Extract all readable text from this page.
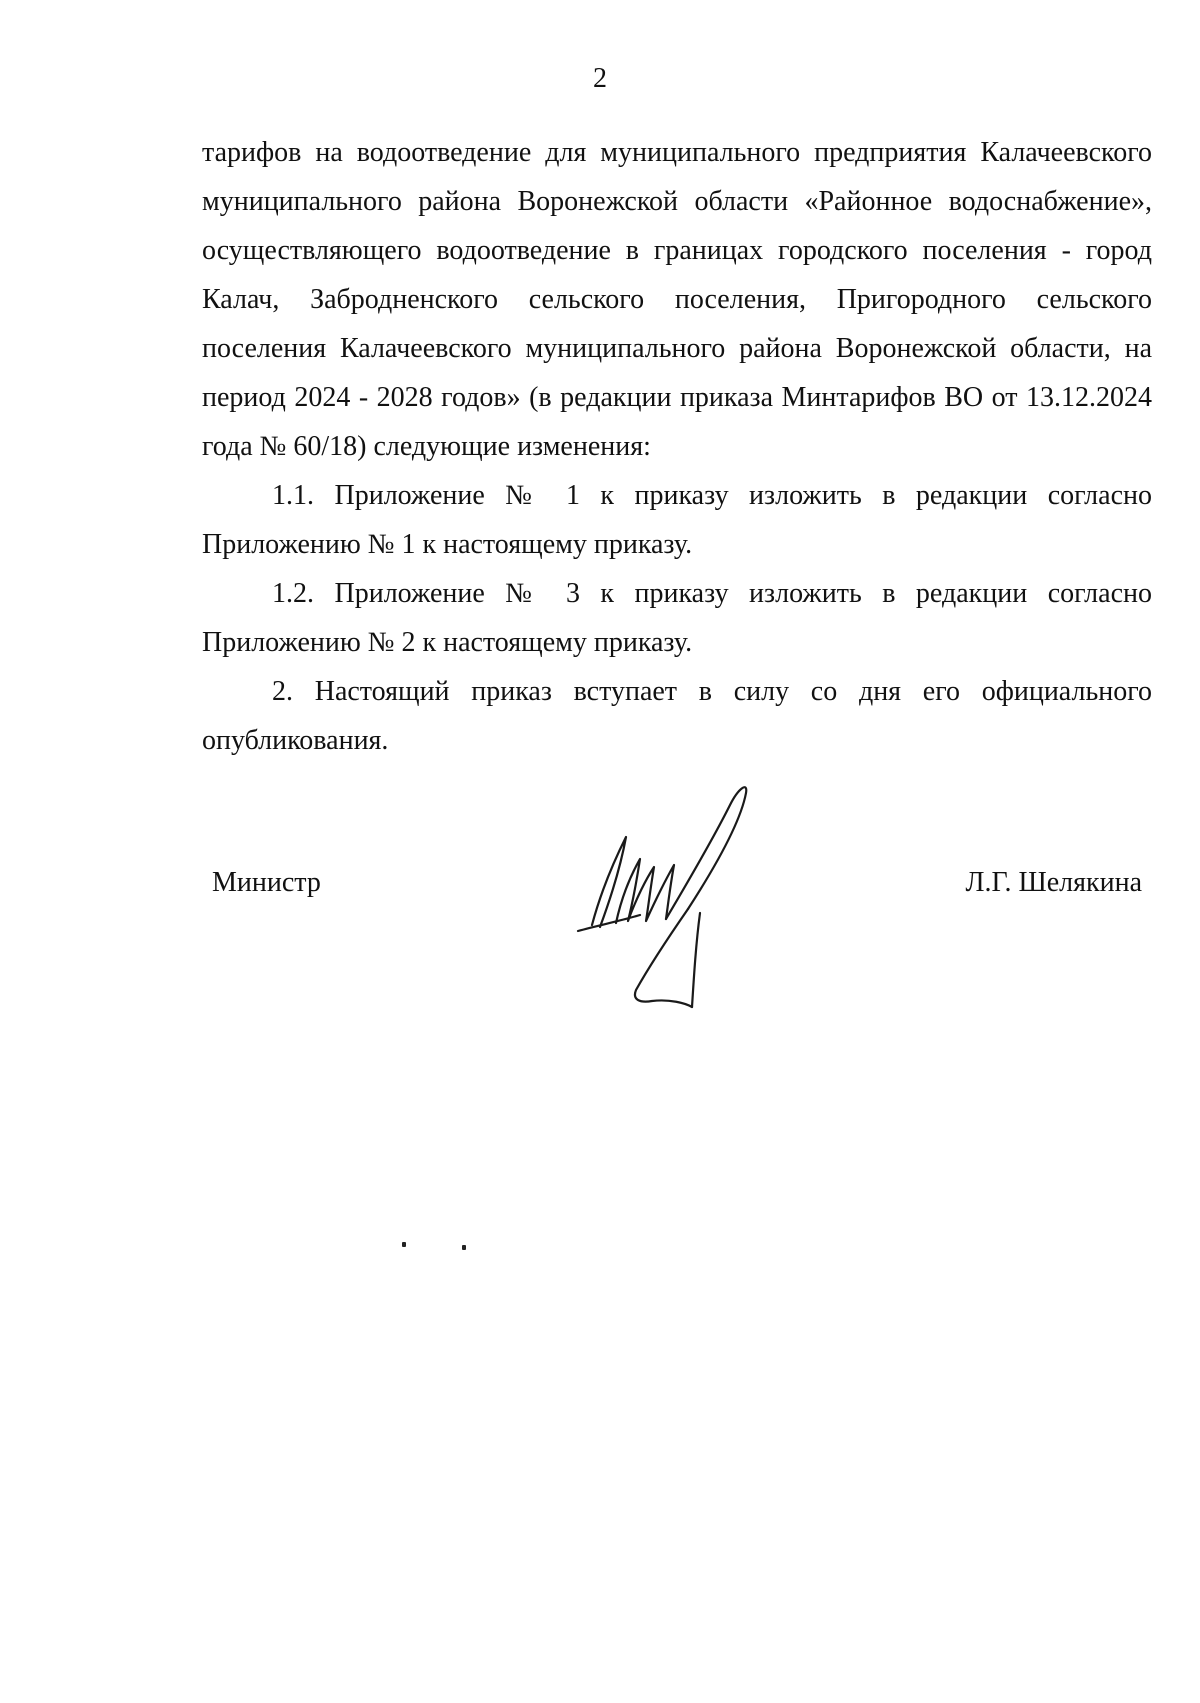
2

тарифов на водоотведение для муниципального предприятия Калачеевского муниципального района Воронежской области «Районное водоснабжение», осуществляющего водоотведение в границах городского поселения - город Калач, Забродненского сельского поселения, Пригородного сельского поселения Калачеевского муниципального района Воронежской области, на период 2024 - 2028 годов» (в редакции приказа Минтарифов ВО от 13.12.2024 года № 60/18) следующие изменения:

1.1. Приложение № 1 к приказу изложить в редакции согласно Приложению № 1 к настоящему приказу.

1.2. Приложение № 3 к приказу изложить в редакции согласно Приложению № 2 к настоящему приказу.

2. Настоящий приказ вступает в силу со дня его официального опубликования.

Министр	Л.Г. Шелякина
